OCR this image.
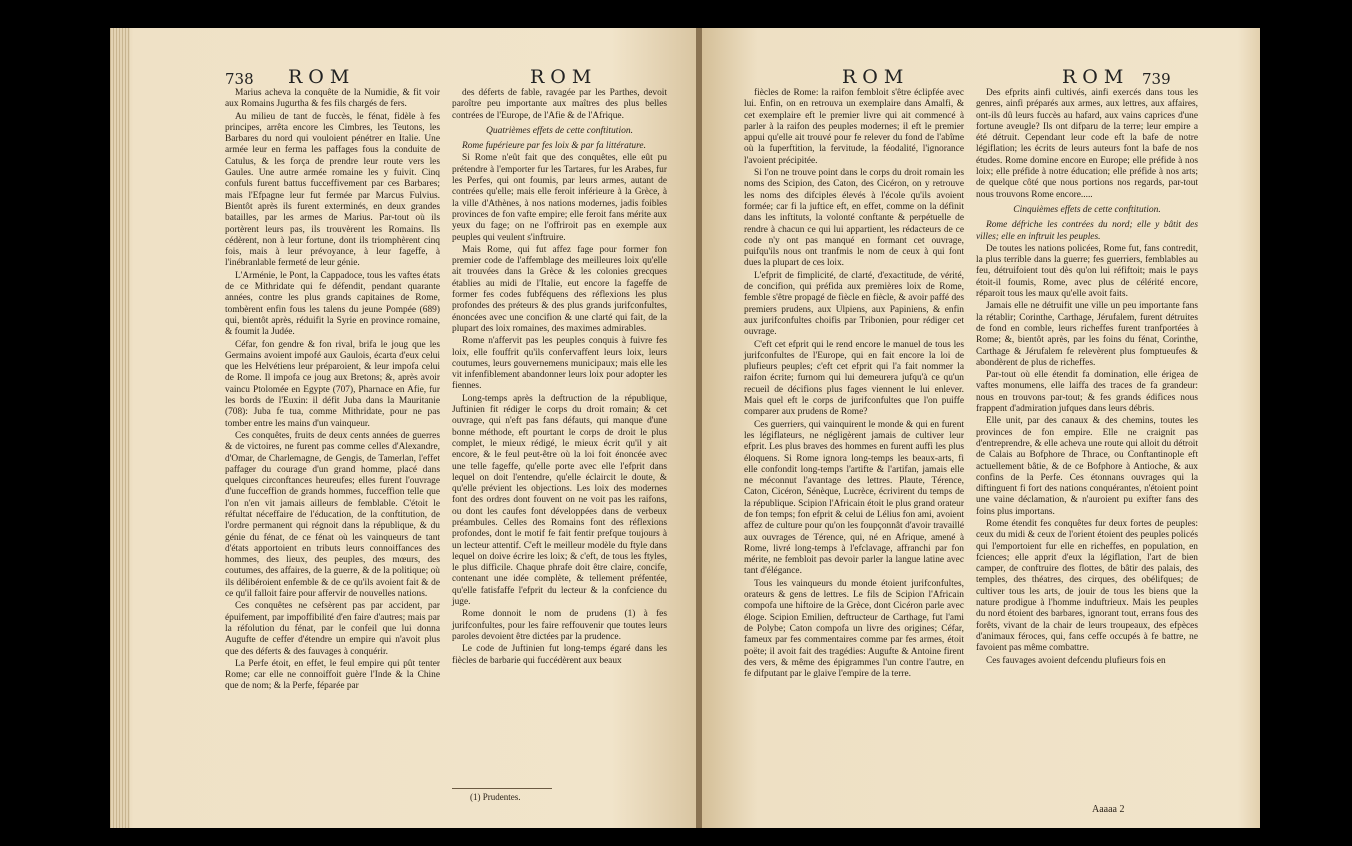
738 ROM	ROM

Marius acheva la conquête de la Numidie, & fit voir aux Romains Jugurtha & fes fils chargés de fers.

Au milieu de tant de fuccès, le fénat, fidèle à fes principes, arrêta encore les Cimbres, les Teutons, les Barbares du nord qui vouloient pénétrer en Italie. Une armée leur en ferma les paffages fous la conduite de Catulus, & les força de prendre leur route vers les Gaules. Une autre armée romaine les y fuivit. Cinq confuls furent battus fucceffivement par ces Barbares; mais l'Efpagne leur fut fermée par Marcus Fulvius. Bientôt après ils furent exterminés, en deux grandes batailles, par les armes de Marius. Par-tout où ils portèrent leurs pas, ils trouvèrent les Romains. Ils cédèrent, non à leur fortune, dont ils triomphèrent cinq fois, mais à leur prévoyance, à leur fageffe, à l'inébranlable fermeté de leur génie.

L'Arménie, le Pont, la Cappadoce, tous les vaftes états de ce Mithridate qui fe défendit, pendant quarante années, contre les plus grands capitaines de Rome, tombèrent enfin fous les talens du jeune Pompée (689) qui, bientôt après, réduifit la Syrie en province romaine, & foumit la Judée.

Céfar, fon gendre & fon rival, brifa le joug que les Germains avoient impofé aux Gaulois, écarta d'eux celui que les Helvétiens leur préparoient, & leur impofa celui de Rome. Il impofa ce joug aux Bretons; &, après avoir vaincu Ptolomée en Egypte (707), Pharnace en Afie, fur les bords de l'Euxin: il défit Juba dans la Mauritanie (708): Juba fe tua, comme Mithridate, pour ne pas tomber entre les mains d'un vainqueur.

Ces conquêtes, fruits de deux cents années de guerres & de victoires, ne furent pas comme celles d'Alexandre, d'Omar, de Charlemagne, de Gengis, de Tamerlan, l'effet paffager du courage d'un grand homme, placé dans quelques circonftances heureufes; elles furent l'ouvrage d'une fucceffion de grands hommes, fucceffion telle que l'on n'en vit jamais ailleurs de femblable. C'étoit le réfultat néceffaire de l'éducation, de la conftitution, de l'ordre permanent qui régnoit dans la république, & du génie du fénat, de ce fénat où les vainqueurs de tant d'états apportoient en tributs leurs connoiffances des hommes, des lieux, des peuples, des mœurs, des coutumes, des affaires, de la guerre, & de la politique; où ils délibéroient enfemble & de ce qu'ils avoient fait & de ce qu'il falloit faire pour affervir de nouvelles nations.

Ces conquêtes ne cefsèrent pas par accident, par épuifement, par impoffibilité d'en faire d'autres; mais par la réfolution du fénat, par le confeil que lui donna Augufte de ceffer d'étendre un empire qui n'avoit plus que des déferts & des fauvages à conquérir.

La Perfe étoit, en effet, le feul empire qui pût tenter Rome; car elle ne connoiffoit guère l'Inde & la Chine que de nom; & la Perfe, féparée par

des déferts de fable, ravagée par les Parthes, devoit paroître peu importante aux maîtres des plus belles contrées de l'Europe, de l'Afie & de l'Afrique.

Quatrièmes effets de cette conftitution.

Rome fupérieure par fes loix & par fa littérature.

Si Rome n'eût fait que des conquêtes, elle eût pu prétendre à l'emporter fur les Tartares, fur les Arabes, fur les Perfes, qui ont foumis, par leurs armes, autant de contrées qu'elle; mais elle feroit inférieure à la Grèce, à la ville d'Athènes, à nos nations modernes, jadis foibles provinces de fon vafte empire; elle feroit fans mérite aux yeux du fage; on ne l'offriroit pas en exemple aux peuples qui veulent s'inftruire.

Mais Rome, qui fut affez fage pour former fon premier code de l'affemblage des meilleures loix qu'elle ait trouvées dans la Grèce & les colonies grecques établies au midi de l'Italie, eut encore la fageffe de former fes codes fubféquens des réflexions les plus profondes des préteurs & des plus grands jurifconfultes, énoncées avec une concifion & une clarté qui fait, de la plupart des loix romaines, des maximes admirables.

Rome n'affervit pas les peuples conquis à fuivre fes loix, elle fouffrit qu'ils confervaffent leurs loix, leurs coutumes, leurs gouvernemens municipaux; mais elle les vit infenfiblement abandonner leurs loix pour adopter les fiennes.

Long-temps après la deftruction de la république, Juftinien fit rédiger le corps du droit romain; & cet ouvrage, qui n'eft pas fans défauts, qui manque d'une bonne méthode, eft pourtant le corps de droit le plus complet, le mieux rédigé, le mieux écrit qu'il y ait encore, & le feul peut-être où la loi foit énoncée avec une telle fageffe, qu'elle porte avec elle l'efprit dans lequel on doit l'entendre, qu'elle éclaircit le doute, & qu'elle prévient les objections. Les loix des modernes font des ordres dont fouvent on ne voit pas les raifons, ou dont les caufes font développées dans de verbeux préambules. Celles des Romains font des réflexions profondes, dont le motif fe fait fentir prefque toujours à un lecteur attentif. C'eft le meilleur modèle du ftyle dans lequel on doive écrire les loix; & c'eft, de tous les ftyles, le plus difficile. Chaque phrafe doit être claire, concife, contenant une idée complète, & tellement préfentée, qu'elle fatisfaffe l'efprit du lecteur & la confcience du juge.

Rome donnoit le nom de prudens (1) à fes jurifconfultes, pour les faire reffouvenir que toutes leurs paroles devoient être dictées par la prudence.

Le code de Juftinien fut long-temps égaré dans les fiècles de barbarie qui fuccédèrent aux beaux

(1) Prudentes.
ROM	ROM 739

fiècles de Rome: la raifon fembloit s'être éclipfée avec lui. Enfin, on en retrouva un exemplaire dans Amalfi, & cet exemplaire eft le premier livre qui ait commencé à parler à la raifon des peuples modernes; il eft le premier appui qu'elle ait trouvé pour fe relever du fond de l'abîme où la fuperftition, la fervitude, la féodalité, l'ignorance l'avoient précipitée.

Si l'on ne trouve point dans le corps du droit romain les noms des Scipion, des Caton, des Cicéron, on y retrouve les noms des difciples élevés à l'école qu'ils avoient formée; car fi la juftice eft, en effet, comme on la définit dans les inftituts, la volonté conftante & perpétuelle de rendre à chacun ce qui lui appartient, les rédacteurs de ce code n'y ont pas manqué en formant cet ouvrage, puifqu'ils nous ont tranfmis le nom de ceux à qui font dues la plupart de ces loix.

L'efprit de fimplicité, de clarté, d'exactitude, de vérité, de concifion, qui préfida aux premières loix de Rome, femble s'être propagé de fiècle en fiècle, & avoir paffé des premiers prudens, aux Ulpiens, aux Papiniens, & enfin aux jurifconfultes choifis par Tribonien, pour rédiger cet ouvrage.

C'eft cet efprit qui le rend encore le manuel de tous les jurifconfultes de l'Europe, qui en fait encore la loi de plufieurs peuples; c'eft cet efprit qui l'a fait nommer la raifon écrite; furnom qui lui demeurera jufqu'à ce qu'un recueil de décifions plus fages viennent le lui enlever. Mais quel eft le corps de jurifconfultes que l'on puiffe comparer aux prudens de Rome?

Ces guerriers, qui vainquirent le monde & qui en furent les légiflateurs, ne négligèrent jamais de cultiver leur efprit. Les plus braves des hommes en furent auffi les plus éloquens. Si Rome ignora long-temps les beaux-arts, fi elle confondit long-temps l'artifte & l'artifan, jamais elle ne méconnut l'avantage des lettres. Plaute, Térence, Caton, Cicéron, Sénèque, Lucrèce, écrivirent du temps de la république. Scipion l'Africain étoit le plus grand orateur de fon temps; fon efprit & celui de Lélius fon ami, avoient affez de culture pour qu'on les foupçonnât d'avoir travaillé aux ouvrages de Térence, qui, né en Afrique, amené à Rome, livré long-temps à l'efclavage, affranchi par fon mérite, ne fembloit pas devoir parler la langue latine avec tant d'élégance.

Tous les vainqueurs du monde étoient jurifconfultes, orateurs & gens de lettres. Le fils de Scipion l'Africain compofa une hiftoire de la Grèce, dont Cicéron parle avec éloge. Scipion Emilien, deftructeur de Carthage, fut l'ami de Polybe; Caton compofa un livre des origines; Céfar, fameux par fes commentaires comme par fes armes, étoit poëte; il avoit fait des tragédies: Augufte & Antoine firent des vers, & même des épigrammes l'un contre l'autre, en fe difputant par le glaive l'empire de la terre.

Des efprits ainfi cultivés, ainfi exercés dans tous les genres, ainfi préparés aux armes, aux lettres, aux affaires, ont-ils dû leurs fuccès au hafard, aux vains caprices d'une fortune aveugle? Ils ont difparu de la terre; leur empire a été détruit. Cependant leur code eft la bafe de notre légiflation; les écrits de leurs auteurs font la bafe de nos études. Rome domine encore en Europe; elle préfide à nos loix; elle préfide à notre éducation; elle préfide à nos arts; de quelque côté que nous portions nos regards, par-tout nous trouvons Rome encore.....

Cinquièmes effets de cette conftitution.

Rome défriche les contrées du nord; elle y bâtit des villes; elle en inftruit les peuples.

De toutes les nations policées, Rome fut, fans contredit, la plus terrible dans la guerre; fes guerriers, femblables au feu, détruifoient tout dès qu'on lui réfiftoit; mais le pays étoit-il foumis, Rome, avec plus de célérité encore, réparoit tous les maux qu'elle avoit faits.

Jamais elle ne détruifit une ville un peu importante fans la rétablir; Corinthe, Carthage, Jérufalem, furent détruites de fond en comble, leurs richeffes furent tranfportées à Rome; &, bientôt après, par les foins du fénat, Corinthe, Carthage & Jérufalem fe relevèrent plus fomptueufes & abondèrent de plus de richeffes.

Par-tout où elle étendit fa domination, elle érigea de vaftes monumens, elle laiffa des traces de fa grandeur: nous en trouvons par-tout; & fes grands édifices nous frappent d'admiration jufques dans leurs débris.

Elle unit, par des canaux & des chemins, toutes les provinces de fon empire. Elle ne craignit pas d'entreprendre, & elle acheva une route qui alloit du détroit de Calais au Bofphore de Thrace, ou Conftantinople eft actuellement bâtie, & de ce Bofphore à Antioche, & aux confins de la Perfe. Ces étonnans ouvrages qui la diftinguent fi fort des nations conquérantes, n'étoient point une vaine déclamation, & n'auroient pu exifter fans des foins plus importans.

Rome étendit fes conquêtes fur deux fortes de peuples: ceux du midi & ceux de l'orient étoient des peuples policés qui l'emportoient fur elle en richeffes, en population, en fciences; elle apprit d'eux la légiflation, l'art de bien camper, de conftruire des flottes, de bâtir des palais, des temples, des théatres, des cirques, des obélifques; de cultiver tous les arts, de jouir de tous les biens que la nature prodigue à l'homme induftrieux. Mais les peuples du nord étoient des barbares, ignorant tout, errans fous des forêts, vivant de la chair de leurs troupeaux, des efpèces d'animaux féroces, qui, fans ceffe occupés à fe battre, ne favoient pas même combattre.

Ces fauvages avoient defcendu plufieurs fois en

Aaaaa 2
